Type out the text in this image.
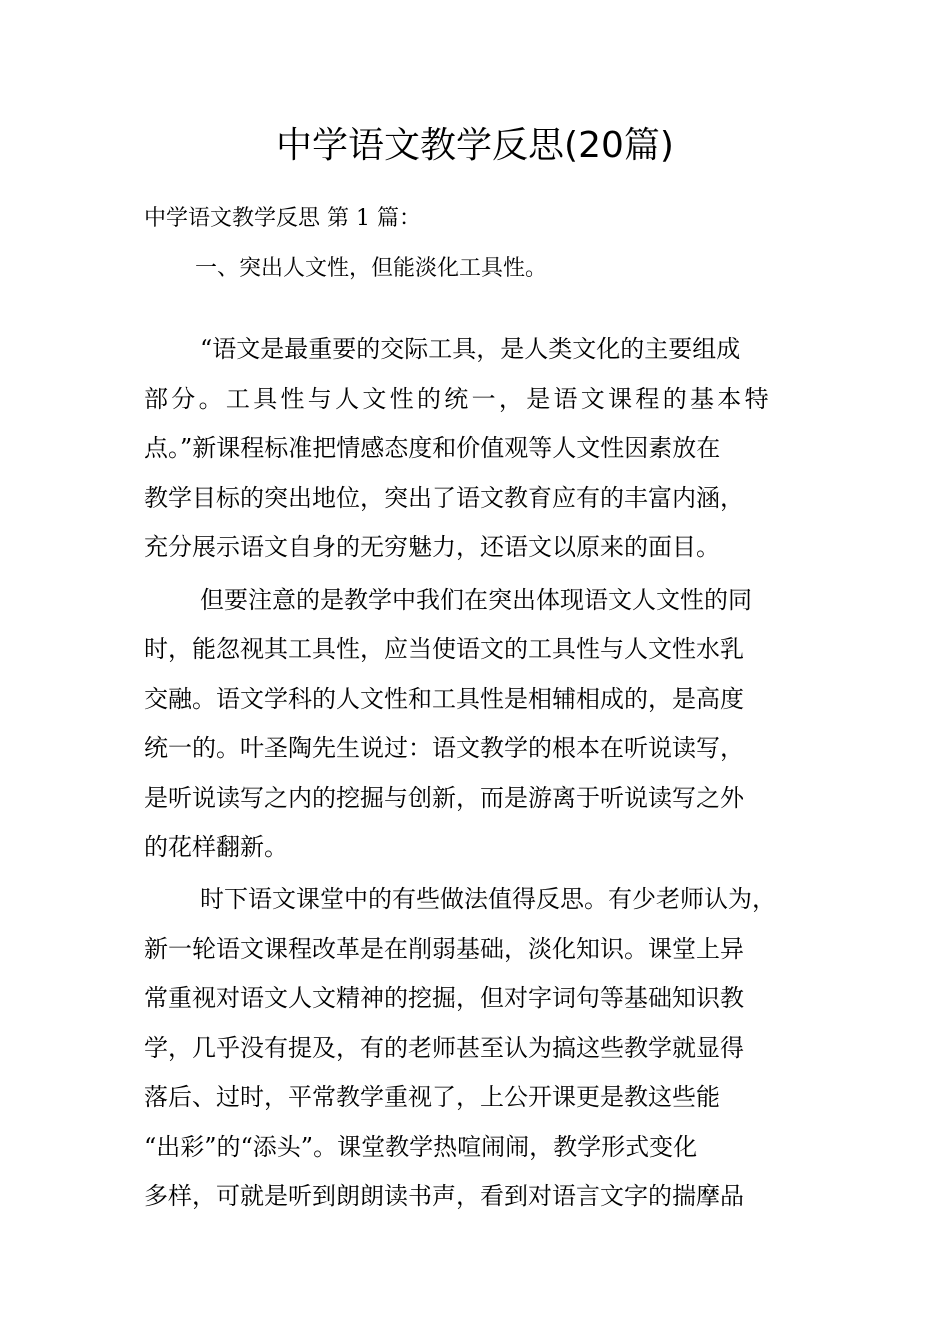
中学语文教学反思(20篇)
中学语文教学反思 第 1 篇：
一、突出人文性，但能淡化工具性。
“语文是最重要的交际工具，是人类文化的主要组成
部分。工具性与人文性的统一，是语文课程的基本特
点。”新课程标准把情感态度和价值观等人文性因素放在
教学目标的突出地位，突出了语文教育应有的丰富内涵，
充分展示语文自身的无穷魅力，还语文以原来的面目。
但要注意的是教学中我们在突出体现语文人文性的同
时，能忽视其工具性，应当使语文的工具性与人文性水乳
交融。语文学科的人文性和工具性是相辅相成的，是高度
统一的。叶圣陶先生说过：语文教学的根本在听说读写，
是听说读写之内的挖掘与创新，而是游离于听说读写之外
的花样翻新。
时下语文课堂中的有些做法值得反思。有少老师认为，
新一轮语文课程改革是在削弱基础，淡化知识。课堂上异
常重视对语文人文精神的挖掘，但对字词句等基础知识教
学，几乎没有提及，有的老师甚至认为搞这些教学就显得
落后、过时，平常教学重视了，上公开课更是教这些能
“出彩”的“添头”。课堂教学热喧闹闹，教学形式变化
多样，可就是听到朗朗读书声，看到对语言文字的揣摩品
